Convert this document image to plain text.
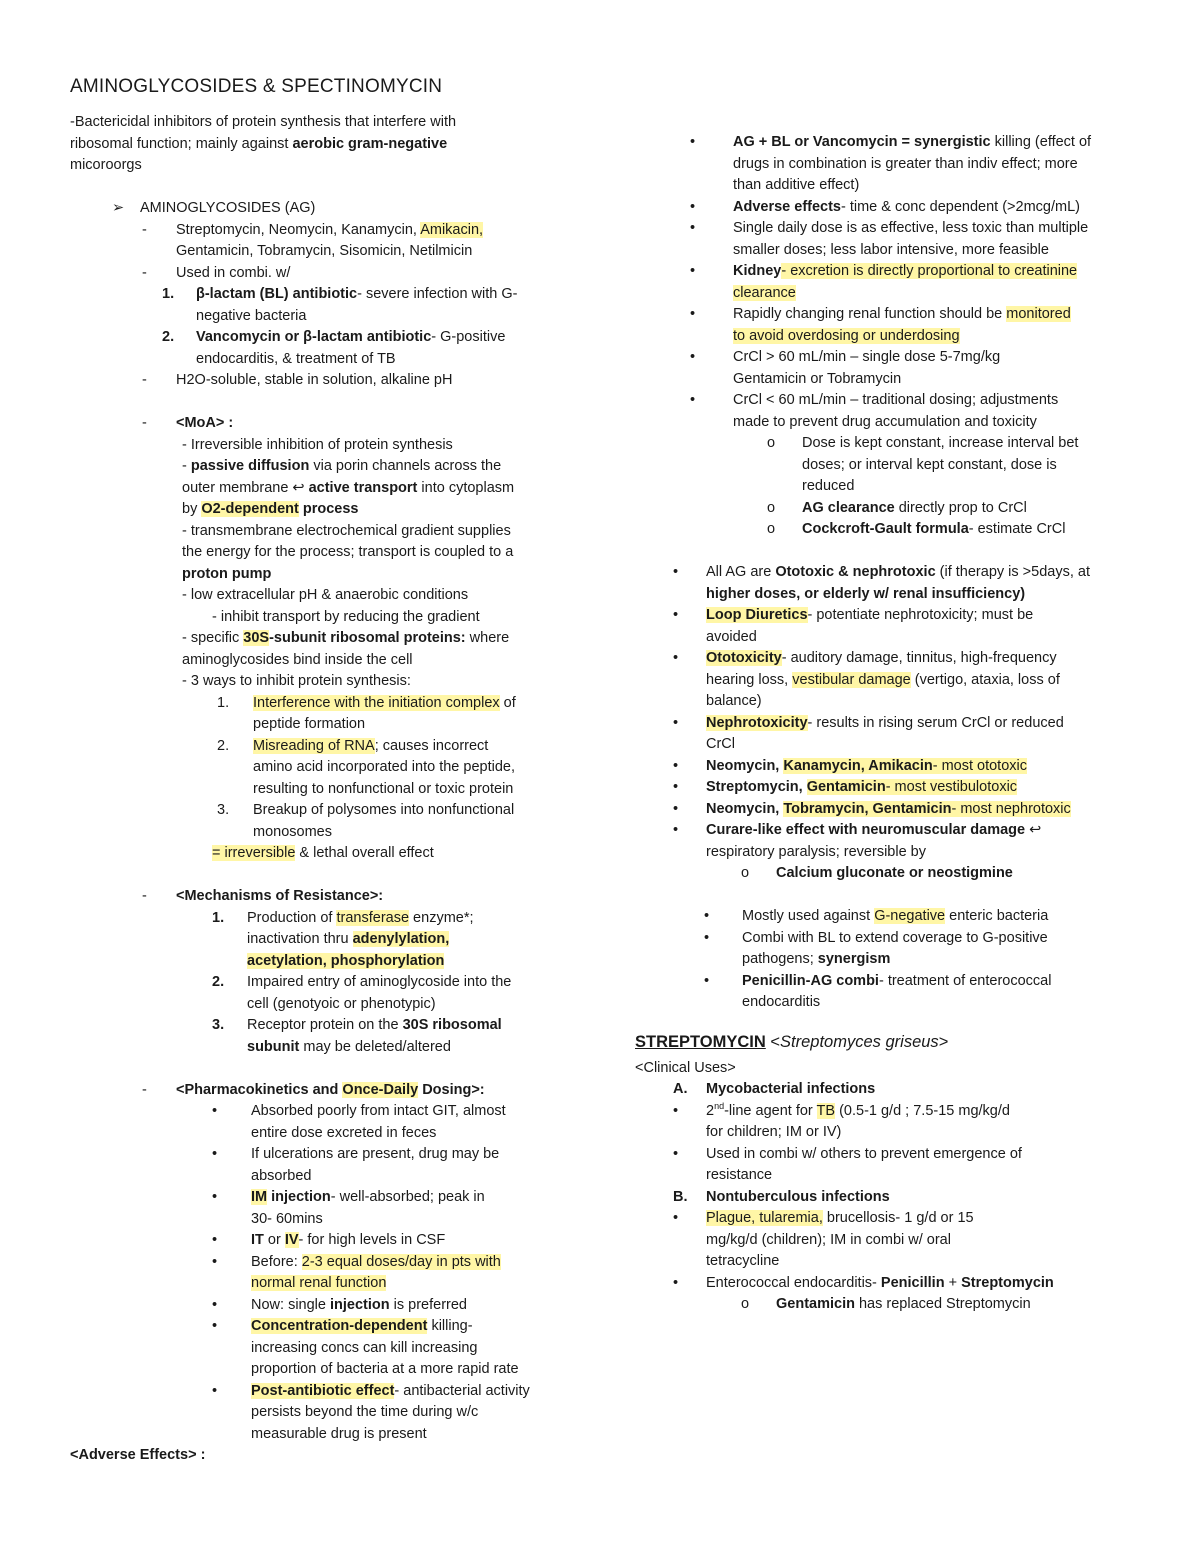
AMINOGLYCOSIDES & SPECTINOMYCIN
-Bactericidal inhibitors of protein synthesis that interfere with
ribosomal function; mainly against aerobic gram-negative
micoroorgs
➢ AMINOGLYCOSIDES (AG)
- Streptomycin, Neomycin, Kanamycin, Amikacin,
Gentamicin, Tobramycin, Sisomicin, Netilmicin
- Used in combi. w/
1. β-lactam (BL) antibiotic- severe infection with G-
negative bacteria
2. Vancomycin or β-lactam antibiotic- G-positive
endocarditis, & treatment of TB
- H2O-soluble, stable in solution, alkaline pH
- <MoA> :
- Irreversible inhibition of protein synthesis
- passive diffusion via porin channels across the
outer membrane ↩ active transport into cytoplasm
by O2-dependent process
- transmembrane electrochemical gradient supplies
the energy for the process; transport is coupled to a
proton pump
- low extracellular pH & anaerobic conditions
- inhibit transport by reducing the gradient
- specific 30S-subunit ribosomal proteins: where
aminoglycosides bind inside the cell
- 3 ways to inhibit protein synthesis:
1. Interference with the initiation complex of
peptide formation
2. Misreading of RNA; causes incorrect
amino acid incorporated into the peptide,
resulting to nonfunctional or toxic protein
3. Breakup of polysomes into nonfunctional
monosomes
= irreversible & lethal overall effect
- <Mechanisms of Resistance>:
1. Production of transferase enzyme*;
inactivation thru adenylylation,
acetylation, phosphorylation
2. Impaired entry of aminoglycoside into the
cell (genotyoic or phenotypic)
3. Receptor protein on the 30S ribosomal
subunit may be deleted/altered
- <Pharmacokinetics and Once-Daily Dosing>:
• Absorbed poorly from intact GIT, almost
entire dose excreted in feces
• If ulcerations are present, drug may be
absorbed
• IM injection- well-absorbed; peak in
30- 60mins
• IT or IV- for high levels in CSF
• Before: 2-3 equal doses/day in pts with
normal renal function
• Now: single injection is preferred
• Concentration-dependent killing-
increasing concs can kill increasing
proportion of bacteria at a more rapid rate
• Post-antibiotic effect- antibacterial activity
persists beyond the time during w/c
measurable drug is present
<Adverse Effects> :
•	AG + BL or Vancomycin = synergistic killing (effect of
drugs in combination is greater than indiv effect; more
than additive effect)
•	Adverse effects- time & conc dependent (>2mcg/mL)
•	Single daily dose is as effective, less toxic than multiple
smaller doses; less labor intensive, more feasible
•	Kidney- excretion is directly proportional to creatinine
clearance
•	Rapidly changing renal function should be monitored
to avoid overdosing or underdosing
•	CrCl > 60 mL/min – single dose 5-7mg/kg
Gentamicin or Tobramycin
•	CrCl < 60 mL/min – traditional dosing; adjustments
made to prevent drug accumulation and toxicity
o Dose is kept constant, increase interval bet
doses; or interval kept constant, dose is
reduced
o AG clearance directly prop to CrCl
o Cockcroft-Gault formula- estimate CrCl
• All AG are Ototoxic & nephrotoxic (if therapy is >5days, at
higher doses, or elderly w/ renal insufficiency)
• Loop Diuretics- potentiate nephrotoxicity; must be
avoided
• Ototoxicity- auditory damage, tinnitus, high-frequency
hearing loss, vestibular damage (vertigo, ataxia, loss of
balance)
• Nephrotoxicity- results in rising serum CrCl or reduced
CrCl
• Neomycin, Kanamycin, Amikacin- most ototoxic
• Streptomycin, Gentamicin- most vestibulotoxic
• Neomycin, Tobramycin, Gentamicin- most nephrotoxic
• Curare-like effect with neuromuscular damage ↩
respiratory paralysis; reversible by
o Calcium gluconate or neostigmine
• Mostly used against G-negative enteric bacteria
• Combi with BL to extend coverage to G-positive
pathogens; synergism
• Penicillin-AG combi- treatment of enterococcal
endocarditis
STREPTOMYCIN <Streptomyces griseus>
<Clinical Uses>
A. Mycobacterial infections
• 2nd-line agent for TB (0.5-1 g/d ; 7.5-15 mg/kg/d
for children; IM or IV)
• Used in combi w/ others to prevent emergence of
resistance
B. Nontuberculous infections
• Plague, tularemia, brucellosis- 1 g/d or 15
mg/kg/d (children); IM in combi w/ oral
tetracycline
• Enterococcal endocarditis- Penicillin + Streptomycin
o Gentamicin has replaced Streptomycin
